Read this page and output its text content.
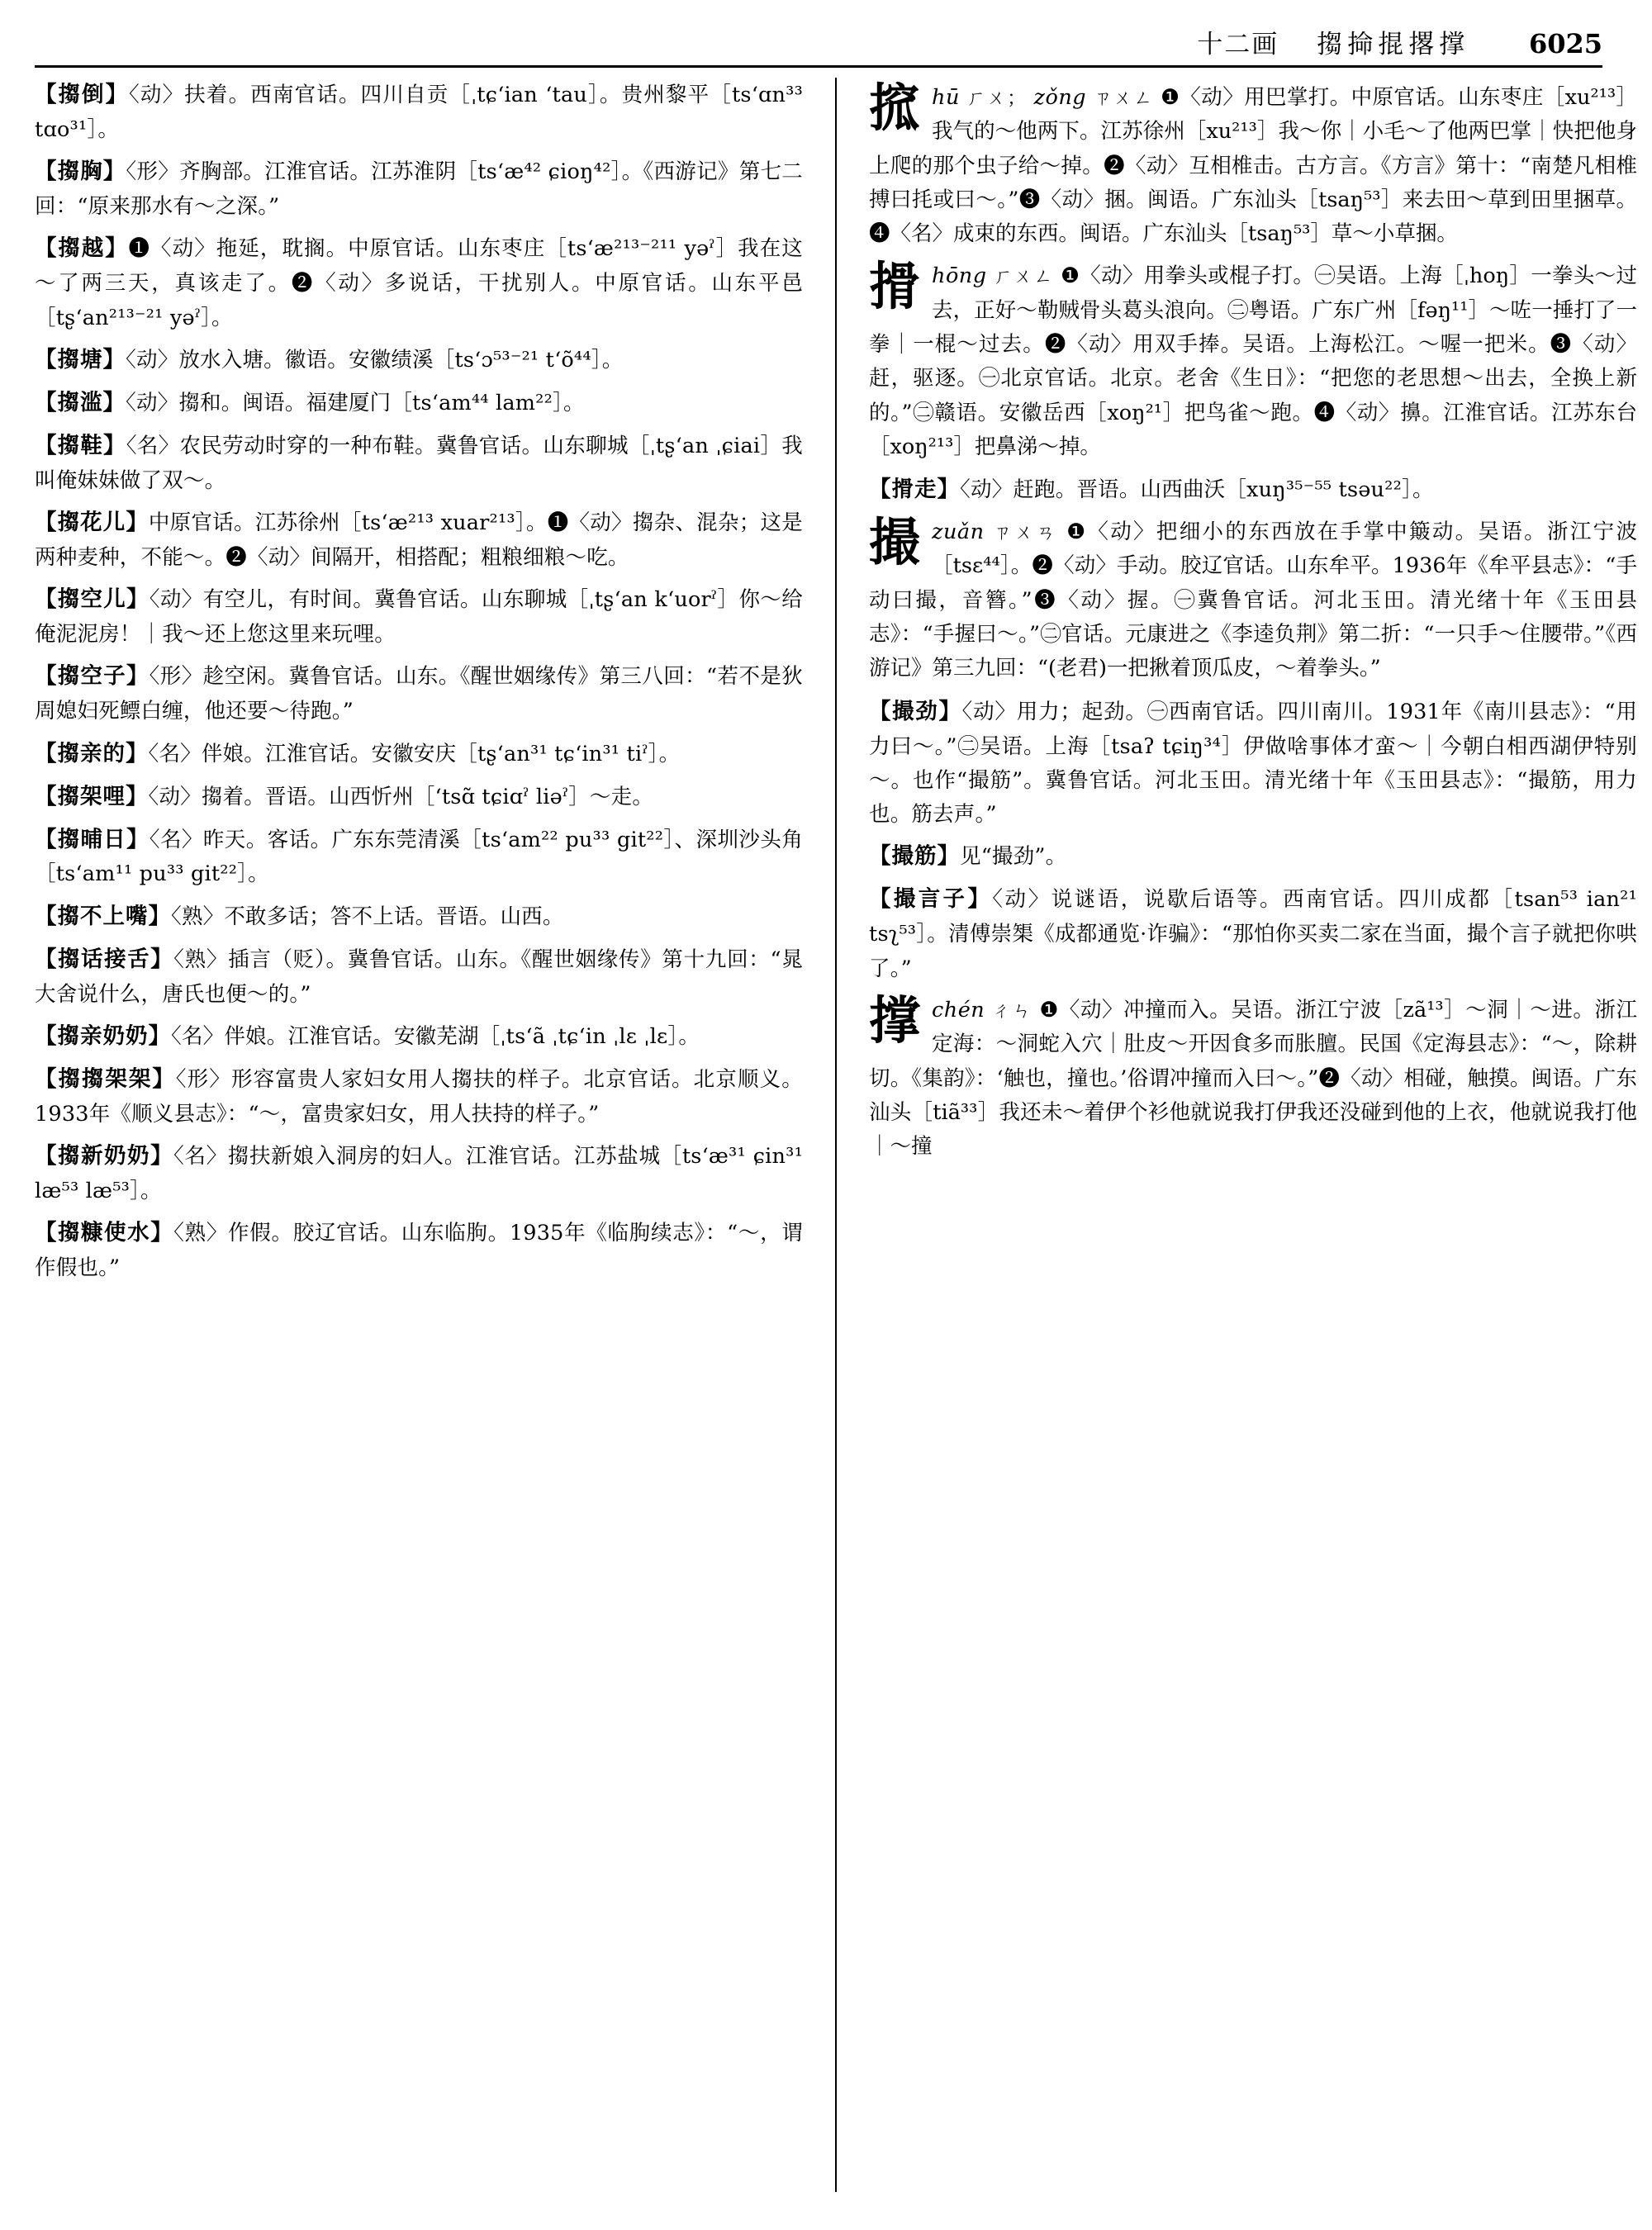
十二画 搊掵掍撂撑 6025
【搊倒】〈动〉扶着。西南官话。四川自贡［ˌtɕʻian ʻtau］。贵州黎平［tsʻɑn³³ tɑo³¹］。
【搊胸】〈形〉齐胸部。江淮官话。江苏淮阴［tsʻæ⁴² ɕioŋ⁴²］。《西游记》第七二回：“原来那水有～之深。”
【搊越】❶〈动〉拖延，耽搁。中原官话。山东枣庄［tsʻæ²¹³⁻²¹¹ yəˀ］我在这～了两三天，真该走了。❷〈动〉多说话，干扰别人。中原官话。山东平邑［tʂʻan²¹³⁻²¹ yəˀ］。
【搊塘】〈动〉放水入塘。徽语。安徽绩溪［tsʻɔ⁵³⁻²¹ tʻõ⁴⁴］。
【搊滥】〈动〉搊和。闽语。福建厦门［tsʻam⁴⁴ lam²²］。
【搊鞋】〈名〉农民劳动时穿的一种布鞋。冀鲁官话。山东聊城［ˌtʂʻan ˌɕiai］我叫俺妹妹做了双～。
【搊花儿】中原官话。江苏徐州［tsʻæ²¹³ xuar²¹³］。❶〈动〉搊杂、混杂；这是两种麦种，不能～。❷〈动〉间隔开，相搭配；粗粮细粮～吃。
【搊空儿】〈动〉有空儿，有时间。冀鲁官话。山东聊城［ˌtʂʻan kʻuorˀ］你～给俺泥泥房！｜我～还上您这里来玩哩。
【搊空子】〈形〉趁空闲。冀鲁官话。山东。《醒世姻缘传》第三八回：“若不是狄周媳妇死鳔白缠，他还要～待跑。”
【搊亲的】〈名〉伴娘。江淮官话。安徽安庆［tʂʻan³¹ tɕʻin³¹ tiˀ］。
【搊架哩】〈动〉搊着。晋语。山西忻州［ʻtsɑ̃ tɕiɑˀ liəˀ］～走。
【搊晡日】〈名〉昨天。客话。广东东莞清溪［tsʻam²² pu³³ git²²］、深圳沙头角［tsʻam¹¹ pu³³ git²²］。
【搊不上嘴】〈熟〉不敢多话；答不上话。晋语。山西。
【搊话接舌】〈熟〉插言（贬）。冀鲁官话。山东。《醒世姻缘传》第十九回：“晁大舍说什么，唐氏也便～的。”
【搊亲奶奶】〈名〉伴娘。江淮官话。安徽芜湖［ˌtsʻã ˌtɕʻin ˌlɛ ˌlɛ］。
【搊搊架架】〈形〉形容富贵人家妇女用人搊扶的样子。北京官话。北京顺义。1933年《顺义县志》：“～，富贵家妇女，用人扶持的样子。”
【搊新奶奶】〈名〉搊扶新娘入洞房的妇人。江淮官话。江苏盐城［tsʻæ³¹ ɕin³¹ læ⁵³ læ⁵³］。
【搊糠使水】〈熟〉作假。胶辽官话。山东临朐。1935年《临朐续志》：“～，谓作假也。”
搲 hū ㄏㄨ； zǒng ㄗㄨㄥ ❶〈动〉用巴掌打。中原官话。山东枣庄［xu²¹³］我气的～他两下。江苏徐州［xu²¹³］我～你｜小毛～了他两巴掌｜快把他身上爬的那个虫子给～掉。❷〈动〉互相椎击。古方言。《方言》第十：“南楚凡相椎搏曰㧌或曰～。”❸〈动〉捆。闽语。广东汕头［tsaŋ⁵³］来去田～草到田里捆草。❹〈名〉成束的东西。闽语。广东汕头［tsaŋ⁵³］草～小草捆。
搰 hōng ㄏㄨㄥ ❶〈动〉用拳头或棍子打。㊀吴语。上海［ˌhoŋ］一拳头～过去，正好～勒贼骨头葛头浪向。㊁粤语。广东广州［fəŋ¹¹］～咗一捶打了一拳｜一棍～过去。❷〈动〉用双手捧。吴语。上海松江。～喔一把米。❸〈动〉赶，驱逐。㊀北京官话。北京。老舍《生日》：“把您的老思想～出去，全换上新的。”㊁赣语。安徽岳西［xoŋ²¹］把鸟雀～跑。❹〈动〉擤。江淮官话。江苏东台［xoŋ²¹³］把鼻涕～掉。
【搰走】〈动〉赶跑。晋语。山西曲沃［xuŋ³⁵⁻⁵⁵ tsəu²²］。
撮 zuǎn ㄗㄨㄢ ❶〈动〉把细小的东西放在手掌中簸动。吴语。浙江宁波［tsɛ⁴⁴］。❷〈动〉手动。胶辽官话。山东牟平。1936年《牟平县志》：“手动曰撮，音簪。”❸〈动〉握。㊀冀鲁官话。河北玉田。清光绪十年《玉田县志》：“手握曰～。”㊁官话。元康进之《李逵负荆》第二折：“一只手～住腰带。”《西游记》第三九回：“(老君)一把揪着顶瓜皮，～着拳头。”
【撮劲】〈动〉用力；起劲。㊀西南官话。四川南川。1931年《南川县志》：“用力曰～。”㊁吴语。上海［tsaʔ tɕiŋ³⁴］伊做啥事体才蛮～｜今朝白相西湖伊特别～。也作“撮筋”。冀鲁官话。河北玉田。清光绪十年《玉田县志》：“撮筋，用力也。筋去声。”
【撮筋】见“撮劲”。
【撮言子】〈动〉说谜语，说歇后语等。西南官话。四川成都［tsan⁵³ ian²¹ tsʅ⁵³］。清傅崇榘《成都通览·诈骗》：“那怕你买卖二家在当面，撮个言子就把你哄了。”
撑 chén ㄔㄣ ❶〈动〉冲撞而入。吴语。浙江宁波［zã¹³］～洞｜～进。浙江定海：～洞蛇入穴｜肚皮～开因食多而胀膻。民国《定海县志》：“～，除耕切。《集韵》：‘触也，撞也。’俗谓冲撞而入曰～。”❷〈动〉相碰，触摸。闽语。广东汕头［tiã³³］我还未～着伊个衫他就说我打伊我还没碰到他的上衣，他就说我打他｜～撞
